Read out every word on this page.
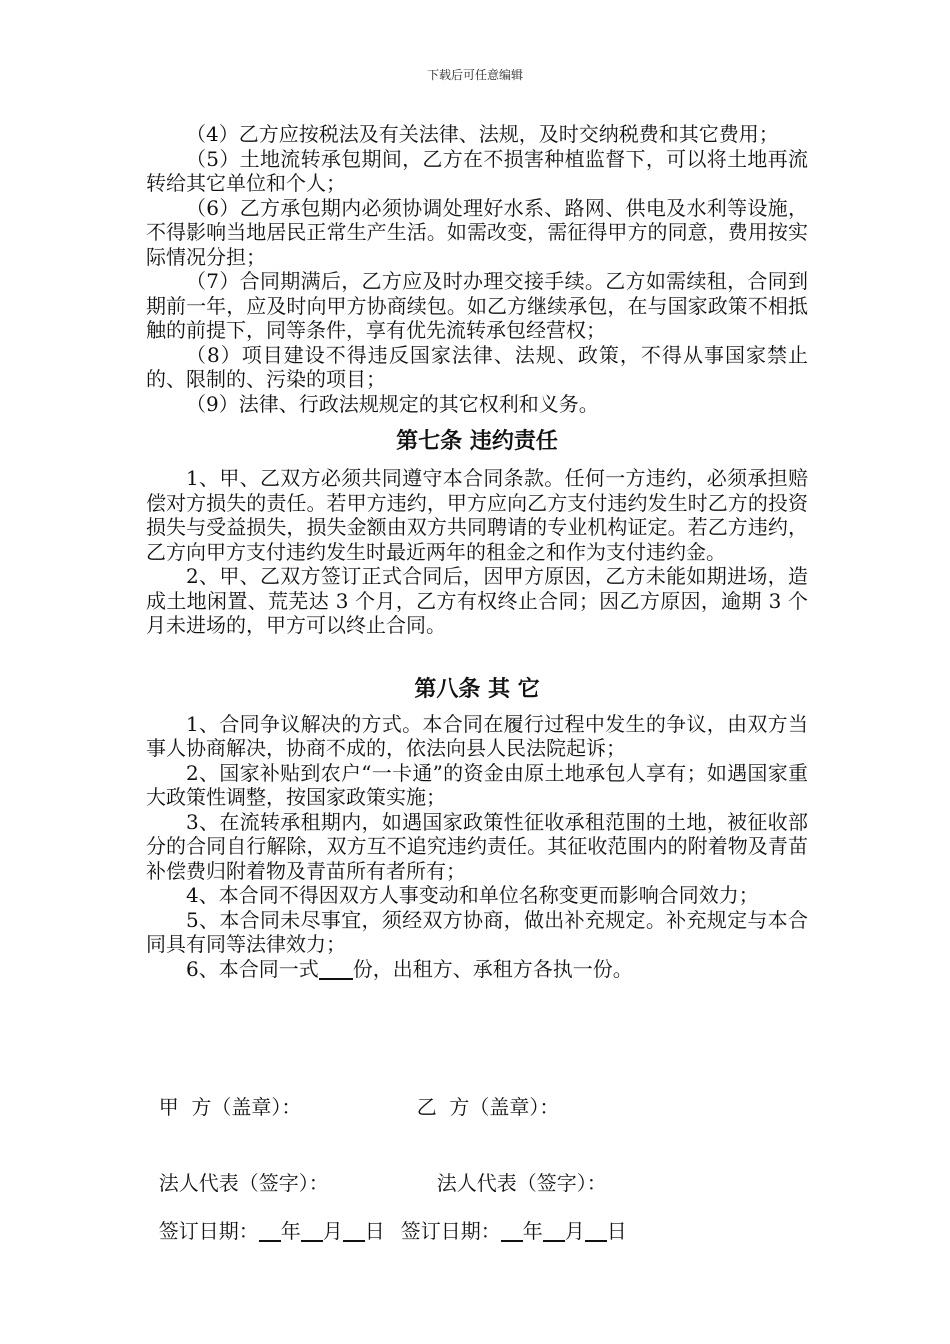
下载后可任意编辑

（4）乙方应按税法及有关法律、法规，及时交纳税费和其它费用；

（5）土地流转承包期间，乙方在不损害种植监督下，可以将土地再流转给其它单位和个人；

（6）乙方承包期内必须协调处理好水系、路网、供电及水利等设施，不得影响当地居民正常生产生活。如需改变，需征得甲方的同意，费用按实际情况分担；

（7）合同期满后，乙方应及时办理交接手续。乙方如需续租，合同到期前一年，应及时向甲方协商续包。如乙方继续承包，在与国家政策不相抵触的前提下，同等条件，享有优先流转承包经营权；

（8）项目建设不得违反国家法律、法规、政策，不得从事国家禁止的、限制的、污染的项目；

（9）法律、行政法规规定的其它权利和义务。

第七条 违约责任

1、甲、乙双方必须共同遵守本合同条款。任何一方违约，必须承担赔偿对方损失的责任。若甲方违约，甲方应向乙方支付违约发生时乙方的投资损失与受益损失，损失金额由双方共同聘请的专业机构证定。若乙方违约，乙方向甲方支付违约发生时最近两年的租金之和作为支付违约金。

2、甲、乙双方签订正式合同后，因甲方原因，乙方未能如期进场，造成土地闲置、荒芜达 3 个月，乙方有权终止合同；因乙方原因，逾期 3 个月未进场的，甲方可以终止合同。

第八条 其 它

1、合同争议解决的方式。本合同在履行过程中发生的争议，由双方当事人协商解决，协商不成的，依法向县人民法院起诉；

2、国家补贴到农户“一卡通”的资金由原土地承包人享有；如遇国家重大政策性调整，按国家政策实施；

3、在流转承租期内，如遇国家政策性征收承租范围的土地，被征收部分的合同自行解除，双方互不追究违约责任。其征收范围内的附着物及青苗补偿费归附着物及青苗所有者所有；

4、本合同不得因双方人事变动和单位名称变更而影响合同效力；

5、本合同未尽事宜，须经双方协商，做出补充规定。补充规定与本合同具有同等法律效力；

6、本合同一式 份，出租方、承租方各执一份。

甲  方（盖章）：	乙  方（盖章）：

法人代表（签字）：	法人代表（签字）：

签订日期： 年 月 日 签订日期： 年 月 日
